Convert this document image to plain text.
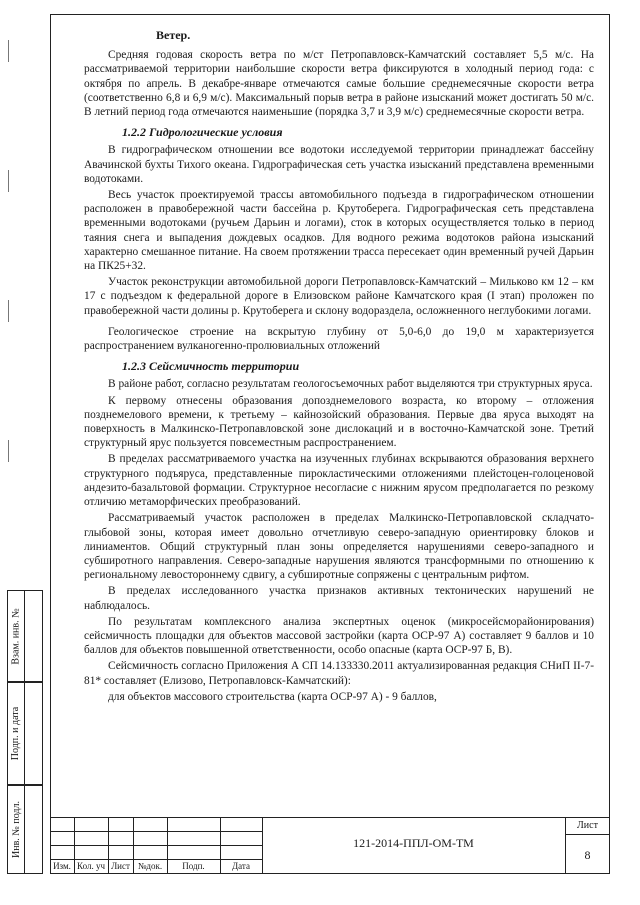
Взам. инв. №
Подп. и дата
Инв. № подл.
Ветер.

Средняя годовая скорость ветра по м/ст Петропавловск-Камчатский составляет 5,5 м/с. На рассматриваемой территории наибольшие скорости ветра фиксируются в холодный период года: с октября по апрель. В декабре-январе отмечаются самые большие среднемесячные скорости ветра (соответственно 6,8 и 6,9 м/с). Максимальный порыв ветра в районе изысканий может достигать 50 м/с. В летний период года отмечаются наименьшие (порядка 3,7 и 3,9 м/с) среднемесячные скорости ветра.

1.2.2 Гидрологические условия

В гидрографическом отношении все водотоки исследуемой территории принадлежат бассейну Авачинской бухты Тихого океана. Гидрографическая сеть участка изысканий представлена временными водотоками.

Весь участок проектируемой трассы автомобильного подъезда в гидрографическом отношении расположен в правобережной части бассейна р. Крутоберега. Гидрографическая сеть представлена временными водотоками (ручьем Дарьин и логами), сток в которых осуществляется только в период таяния снега и выпадения дождевых осадков. Для водного режима водотоков района изысканий характерно смешанное питание. На своем протяжении трасса пересекает один временный ручей Дарьин на ПК25+32.

Участок реконструкции автомобильной дороги Петропавловск-Камчатский – Мильково км 12 – км 17 с подъездом к федеральной дороге в Елизовском районе Камчатского края (I этап) проложен по правобережной части долины р. Крутоберега и склону водораздела, осложненного неглубокими логами.

Геологическое строение на вскрытую глубину от 5,0-6,0 до 19,0 м характеризуется распространением вулканогенно-пролювиальных отложений

1.2.3 Сейсмичность территории

В районе работ, согласно результатам геологосъемочных работ выделяются три структурных яруса.

К первому отнесены образования допозднемелового возраста, ко второму – отложения позднемелового времени, к третьему – кайнозойский образования. Первые два яруса выходят на поверхность в Малкинско-Петропавловской зоне дислокаций и в восточно-Камчатской зоне. Третий структурный ярус пользуется повсеместным распространением.

В пределах рассматриваемого участка на изученных глубинах вскрываются образования верхнего структурного подъяруса, представленные пирокластическими отложениями плейстоцен-голоценовой андезито-базальтовой формации. Структурное несогласие с нижним ярусом предполагается по резкому отличию метаморфических преобразований.

Рассматриваемый участок расположен в пределах Малкинско-Петропавловской складчато-глыбовой зоны, которая имеет довольно отчетливую северо-западную ориентировку блоков и линиаментов. Общий структурный план зоны определяется нарушениями северо-западного и субширотного направления. Северо-западные нарушения являются трансформными по отношению к региональному левостороннему сдвигу, а субширотные сопряжены с центральным рифтом.

В пределах исследованного участка признаков активных тектонических нарушений не наблюдалось.

По результатам комплексного анализа экспертных оценок (микросейсморайонирования) сейсмичность площадки для объектов массовой застройки (карта ОСР-97 А) составляет 9 баллов и 10 баллов для объектов повышенной ответственности, особо опасные (карта ОСР-97 Б, В).

Сейсмичность согласно Приложения А СП 14.133330.2011 актуализированная редакция СНиП II-7-81* составляет (Елизово, Петропавловск-Камчатский):

для объектов массового строительства (карта ОСР-97 А) - 9 баллов,

Изм. Кол. уч Лист №док.	Подп.	Дата
121-2014-ППЛ-ОМ-ТМ
Лист
8
